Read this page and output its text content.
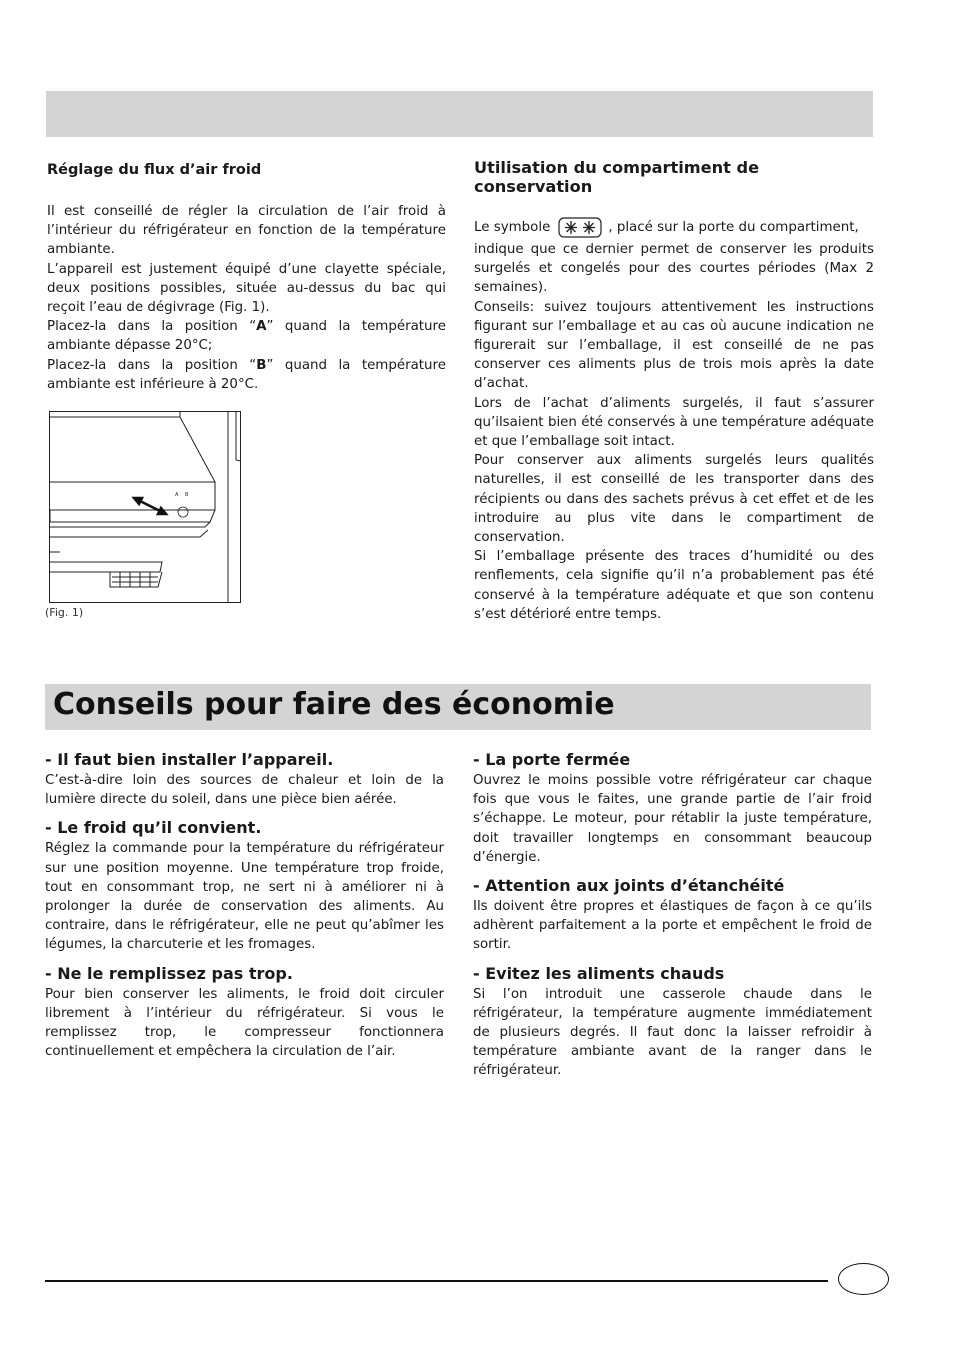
Réglage du flux d’air froid

Il est conseillé de régler la circulation de l’air froid à l’intérieur du réfrigérateur en fonction de la température ambiante.

L’appareil est justement équipé d’une clayette spéciale, deux positions possibles, située au-dessus du bac qui reçoit l’eau de dégivrage (Fig. 1).

Placez-la dans la position “A” quand la température ambiante dépasse 20°C;

Placez-la dans la position “B” quand la température ambiante est inférieure à 20°C.

A B
(Fig. 1)

Utilisation du compartiment de conservation

Le symbole	, placé sur la porte du compartiment,

indique que ce dernier permet de conserver les produits surgelés et congelés pour des courtes périodes (Max 2 semaines).

Conseils: suivez toujours attentivement les instructions figurant sur l’emballage et au cas où aucune indication ne figurerait sur l’emballage, il est conseillé de ne pas conserver ces aliments plus de trois mois après la date d’achat.

Lors de l’achat d’aliments surgelés, il faut s’assurer qu’ilsaient bien été conservés à une température adéquate et que l’emballage soit intact.

Pour conserver aux aliments surgelés leurs qualités naturelles, il est conseillé de les transporter dans des récipients ou dans des sachets prévus à cet effet et de les introduire au plus vite dans le compartiment de conservation.

Si l’emballage présente des traces d’humidité ou des renflements, cela signifie qu’il n’a probablement pas été conservé à la température adéquate et que son contenu s’est détérioré entre temps.

Conseils pour faire des économie

- Il faut bien installer l’appareil.

C’est-à-dire loin des sources de chaleur et loin de la lumière directe du soleil, dans une pièce bien aérée.

- Le froid qu’il convient.

Réglez la commande pour la température du réfrigérateur sur une position moyenne. Une température trop froide, tout en consommant trop, ne sert ni à améliorer ni à prolonger la durée de conservation des aliments. Au contraire, dans le réfrigérateur, elle ne peut qu’abîmer les légumes, la charcuterie et les fromages.

- Ne le remplissez pas trop.

Pour bien conserver les aliments, le froid doit circuler librement à l’intérieur du réfrigérateur. Si vous le remplissez trop, le compresseur fonctionnera continuellement et empêchera la circulation de l’air.

- La porte fermée

Ouvrez le moins possible votre réfrigérateur car chaque fois que vous le faites, une grande partie de l’air froid s’échappe. Le moteur, pour rétablir la juste température, doit travailler longtemps en consommant beaucoup d’énergie.

- Attention aux joints d’étanchéité

Ils doivent être propres et élastiques de façon à ce qu’ils adhèrent parfaitement a la porte et empêchent le froid de sortir.

- Evitez les aliments chauds

Si l’on introduit une casserole chaude dans le réfrigérateur, la température augmente immédiatement de plusieurs degrés. Il faut donc la laisser refroidir à température ambiante avant de la ranger dans le réfrigérateur.
